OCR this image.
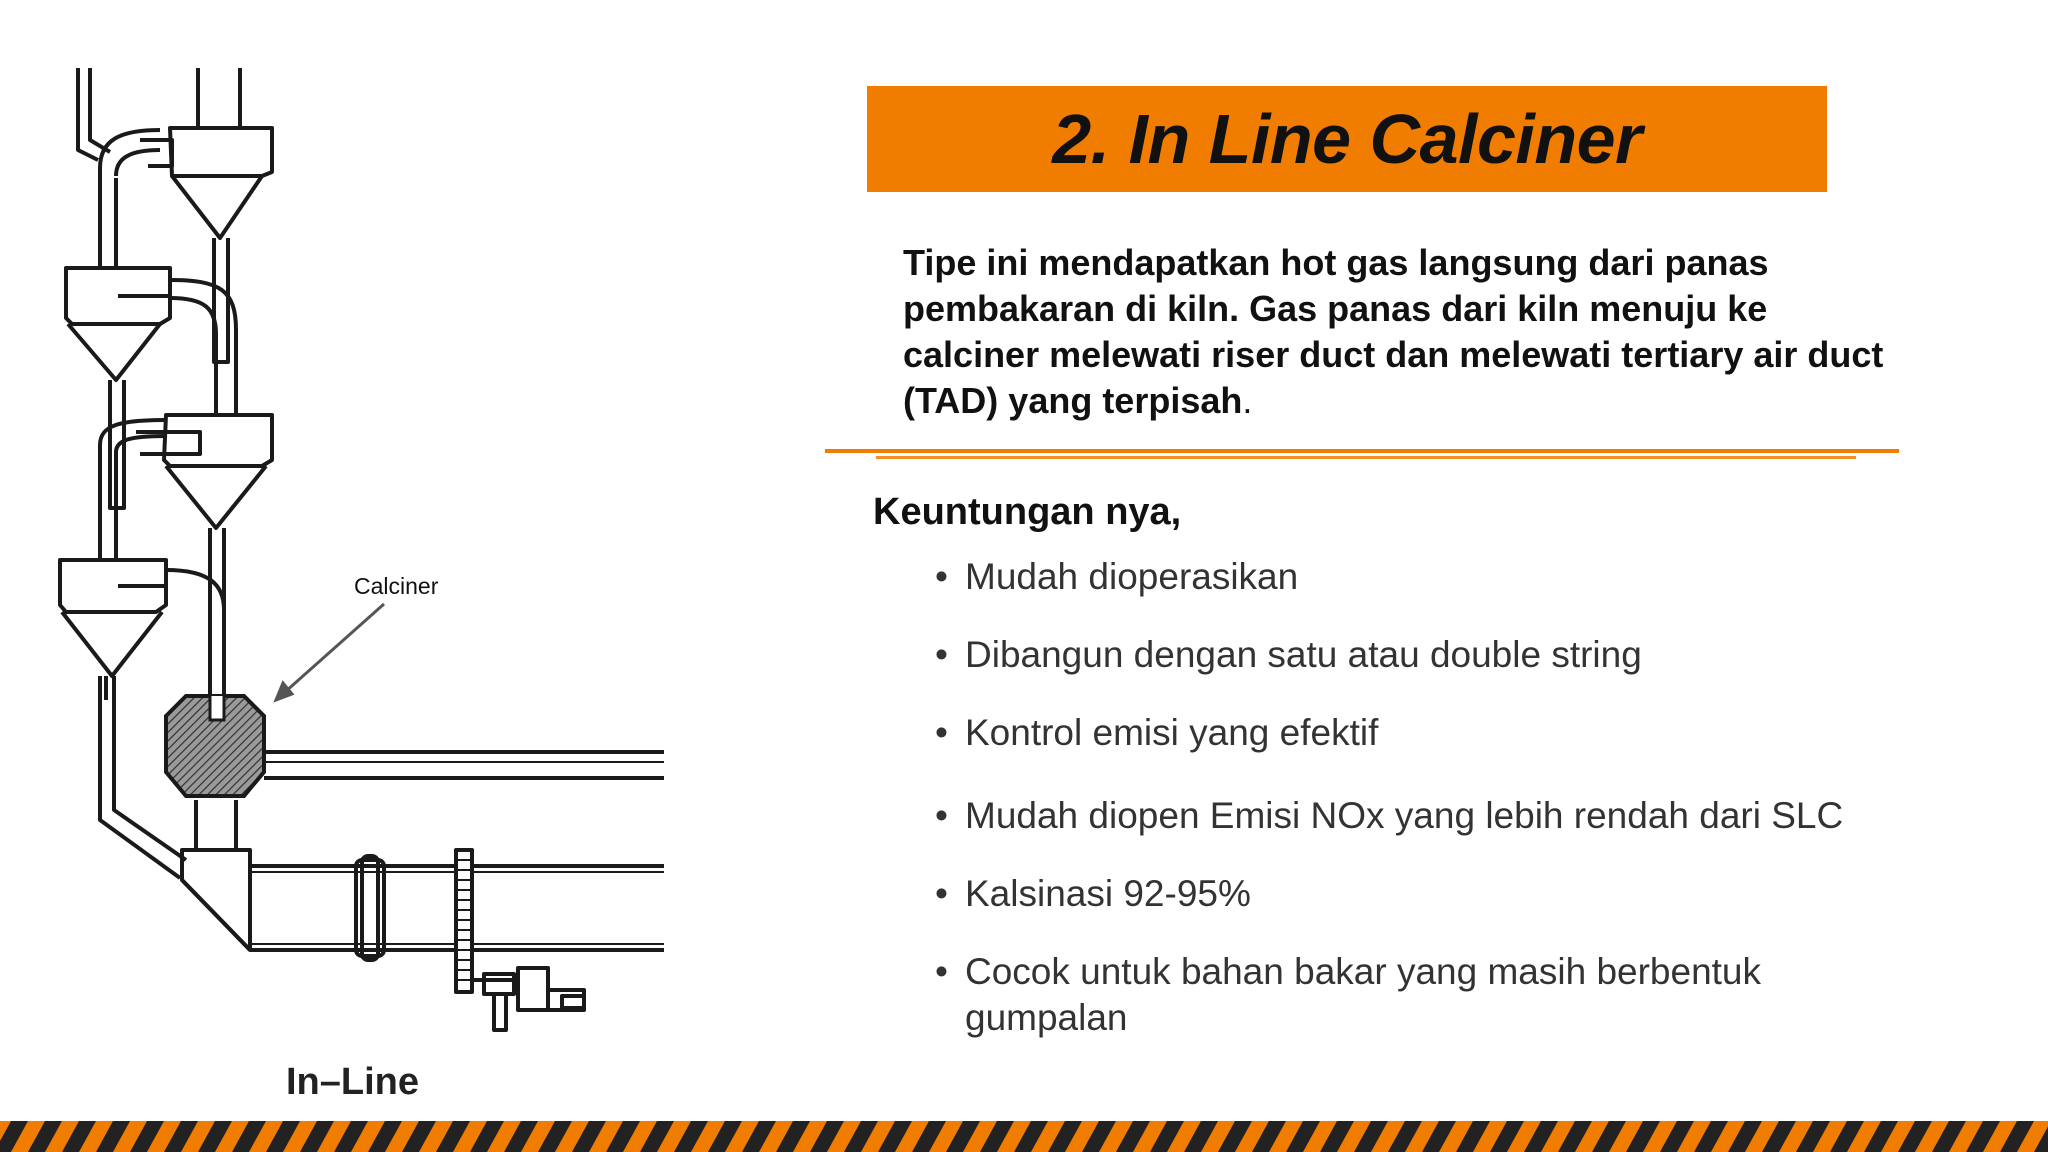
Calciner
In–Line
2. In Line Calciner
Tipe ini mendapatkan hot gas langsung dari panas pembakaran di kiln. Gas panas dari kiln menuju ke calciner melewati riser duct dan melewati tertiary air duct (TAD) yang terpisah.
Keuntungan nya,
• Mudah dioperasikan
• Dibangun dengan satu atau double string
• Kontrol emisi yang efektif
• Mudah diopen Emisi NOx yang lebih rendah dari SLC
• Kalsinasi 92-95%
• Cocok untuk bahan bakar yang masih berbentuk gumpalan
